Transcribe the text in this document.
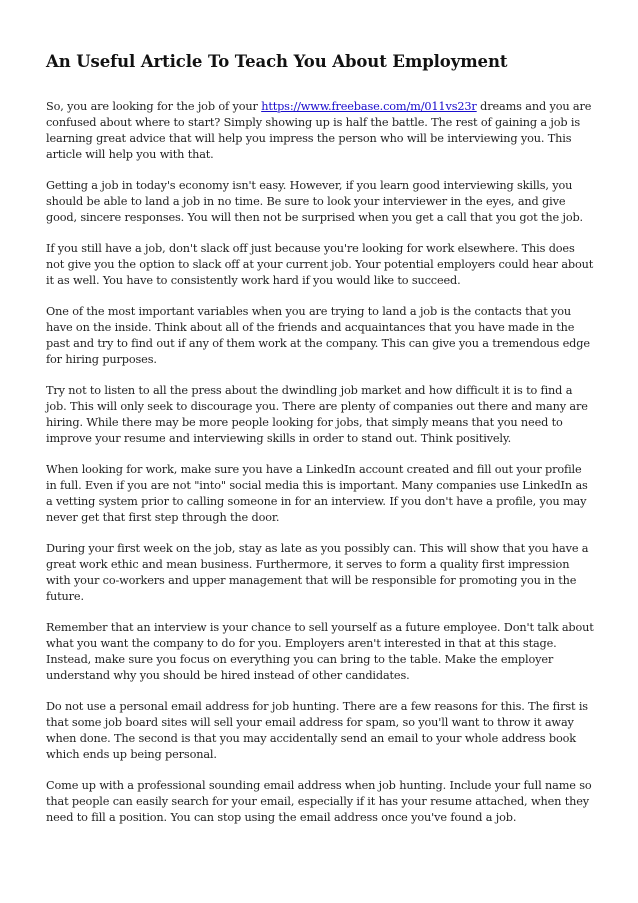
An Useful Article To Teach You About Employment

So, you are looking for the job of your https://www.freebase.com/m/011vs23r dreams and you are confused about where to start? Simply showing up is half the battle. The rest of gaining a job is learning great advice that will help you impress the person who will be interviewing you. This article will help you with that.

Getting a job in today's economy isn't easy. However, if you learn good interviewing skills, you should be able to land a job in no time. Be sure to look your interviewer in the eyes, and give good, sincere responses. You will then not be surprised when you get a call that you got the job.

If you still have a job, don't slack off just because you're looking for work elsewhere. This does not give you the option to slack off at your current job. Your potential employers could hear about it as well. You have to consistently work hard if you would like to succeed.

One of the most important variables when you are trying to land a job is the contacts that you have on the inside. Think about all of the friends and acquaintances that you have made in the past and try to find out if any of them work at the company. This can give you a tremendous edge for hiring purposes.

Try not to listen to all the press about the dwindling job market and how difficult it is to find a job. This will only seek to discourage you. There are plenty of companies out there and many are hiring. While there may be more people looking for jobs, that simply means that you need to improve your resume and interviewing skills in order to stand out. Think positively.

When looking for work, make sure you have a LinkedIn account created and fill out your profile in full. Even if you are not "into" social media this is important. Many companies use LinkedIn as a vetting system prior to calling someone in for an interview. If you don't have a profile, you may never get that first step through the door.

During your first week on the job, stay as late as you possibly can. This will show that you have a great work ethic and mean business. Furthermore, it serves to form a quality first impression with your co-workers and upper management that will be responsible for promoting you in the future.

Remember that an interview is your chance to sell yourself as a future employee. Don't talk about what you want the company to do for you. Employers aren't interested in that at this stage. Instead, make sure you focus on everything you can bring to the table. Make the employer understand why you should be hired instead of other candidates.

Do not use a personal email address for job hunting. There are a few reasons for this. The first is that some job board sites will sell your email address for spam, so you'll want to throw it away when done. The second is that you may accidentally send an email to your whole address book which ends up being personal.

Come up with a professional sounding email address when job hunting. Include your full name so that people can easily search for your email, especially if it has your resume attached, when they need to fill a position. You can stop using the email address once you've found a job.
